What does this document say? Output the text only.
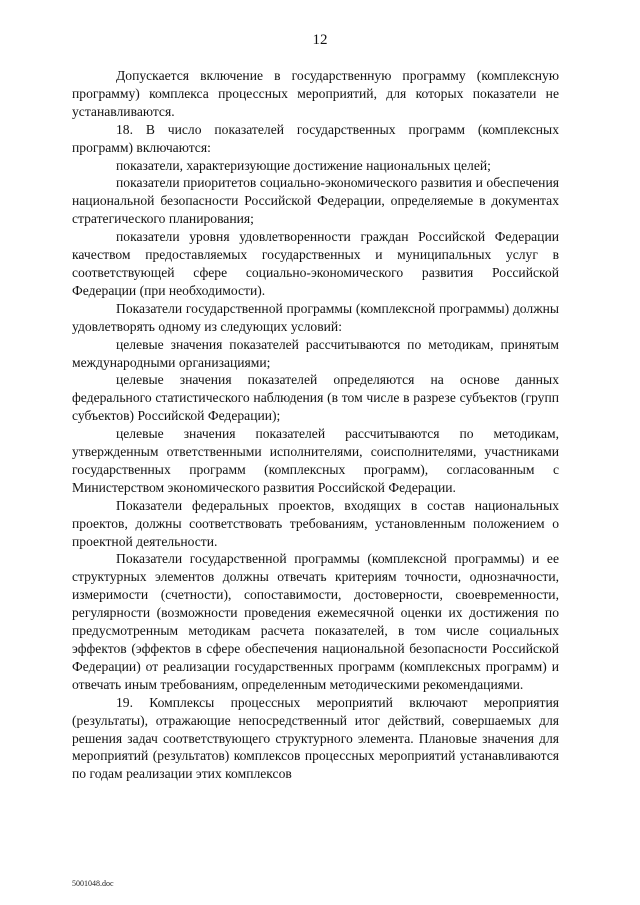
12

Допускается включение в государственную программу (комплексную программу) комплекса процессных мероприятий, для которых показатели не устанавливаются.

18. В число показателей государственных программ (комплексных программ) включаются:

показатели, характеризующие достижение национальных целей;

показатели приоритетов социально-экономического развития и обеспечения национальной безопасности Российской Федерации, определяемые в документах стратегического планирования;

показатели уровня удовлетворенности граждан Российской Федерации качеством предоставляемых государственных и муниципальных услуг в соответствующей сфере социально-экономического развития Российской Федерации (при необходимости).

Показатели государственной программы (комплексной программы) должны удовлетворять одному из следующих условий:

целевые значения показателей рассчитываются по методикам, принятым международными организациями;

целевые значения показателей определяются на основе данных федерального статистического наблюдения (в том числе в разрезе субъектов (групп субъектов) Российской Федерации);

целевые значения показателей рассчитываются по методикам, утвержденным ответственными исполнителями, соисполнителями, участниками государственных программ (комплексных программ), согласованным с Министерством экономического развития Российской Федерации.

Показатели федеральных проектов, входящих в состав национальных проектов, должны соответствовать требованиям, установленным положением о проектной деятельности.

Показатели государственной программы (комплексной программы) и ее структурных элементов должны отвечать критериям точности, однозначности, измеримости (счетности), сопоставимости, достоверности, своевременности, регулярности (возможности проведения ежемесячной оценки их достижения по предусмотренным методикам расчета показателей, в том числе социальных эффектов (эффектов в сфере обеспечения национальной безопасности Российской Федерации) от реализации государственных программ (комплексных программ) и отвечать иным требованиям, определенным методическими рекомендациями.

19. Комплексы процессных мероприятий включают мероприятия (результаты), отражающие непосредственный итог действий, совершаемых для решения задач соответствующего структурного элемента. Плановые значения для мероприятий (результатов) комплексов процессных мероприятий устанавливаются по годам реализации этих комплексов

5001048.doc
